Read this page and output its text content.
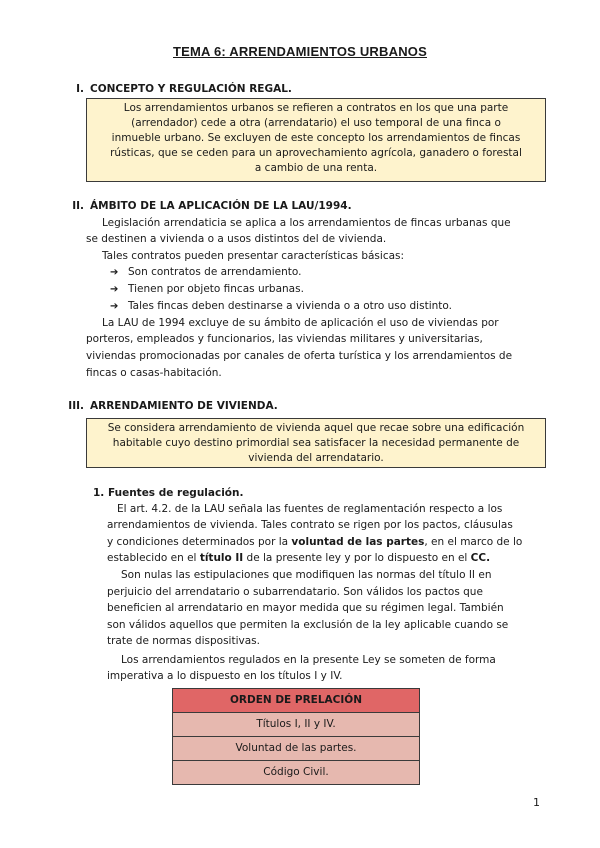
TEMA 6: ARRENDAMIENTOS URBANOS
I. CONCEPTO Y REGULACIÓN REGAL.
Los arrendamientos urbanos se refieren a contratos en los que una parte
(arrendador) cede a otra (arrendatario) el uso temporal de una finca o
inmueble urbano. Se excluyen de este concepto los arrendamientos de fincas
rústicas, que se ceden para un aprovechamiento agrícola, ganadero o forestal
a cambio de una renta.
II. ÁMBITO DE LA APLICACIÓN DE LA LAU/1994.
Legislación arrendaticia se aplica a los arrendamientos de fincas urbanas que
se destinen a vivienda o a usos distintos del de vivienda.
Tales contratos pueden presentar características básicas:
➔ Son contratos de arrendamiento.
➔ Tienen por objeto fincas urbanas.
➔ Tales fincas deben destinarse a vivienda o a otro uso distinto.
La LAU de 1994 excluye de su ámbito de aplicación el uso de viviendas por
porteros, empleados y funcionarios, las viviendas militares y universitarias,
viviendas promocionadas por canales de oferta turística y los arrendamientos de
fincas o casas-habitación.
III. ARRENDAMIENTO DE VIVIENDA.
Se considera arrendamiento de vivienda aquel que recae sobre una edificación
habitable cuyo destino primordial sea satisfacer la necesidad permanente de
vivienda del arrendatario.
1. Fuentes de regulación.
El art. 4.2. de la LAU señala las fuentes de reglamentación respecto a los
arrendamientos de vivienda. Tales contrato se rigen por los pactos, cláusulas
y condiciones determinados por la voluntad de las partes, en el marco de lo
establecido en el título II de la presente ley y por lo dispuesto en el CC.
Son nulas las estipulaciones que modifiquen las normas del título II en
perjuicio del arrendatario o subarrendatario. Son válidos los pactos que
beneficien al arrendatario en mayor medida que su régimen legal. También
son válidos aquellos que permiten la exclusión de la ley aplicable cuando se
trate de normas dispositivas.
Los arrendamientos regulados en la presente Ley se someten de forma
imperativa a lo dispuesto en los títulos I y IV.
ORDEN DE PRELACIÓN
Títulos I, II y IV.
Voluntad de las partes.
Código Civil.
1
